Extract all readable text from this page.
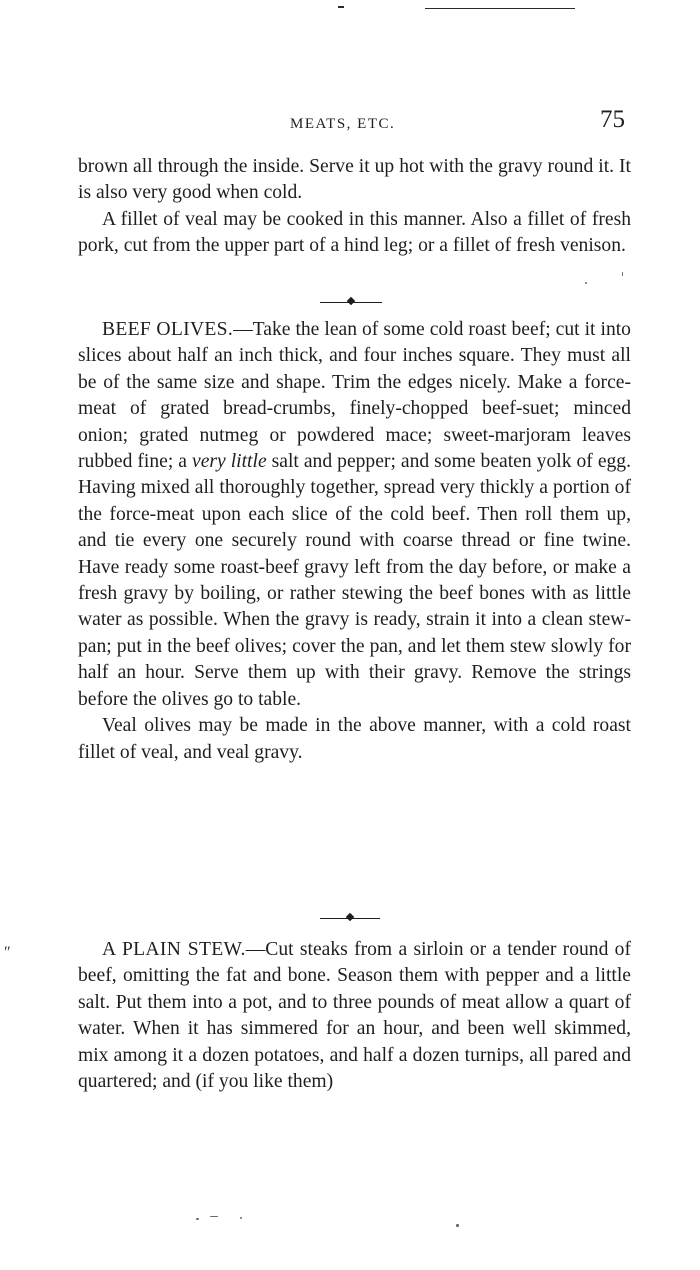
MEATS, ETC.	75

brown all through the inside. Serve it up hot with the gravy round it. It is also very good when cold.

A fillet of veal may be cooked in this manner. Also a fillet of fresh pork, cut from the upper part of a hind leg; or a fillet of fresh venison.

BEEF OLIVES.—Take the lean of some cold roast beef; cut it into slices about half an inch thick, and four inches square. They must all be of the same size and shape. Trim the edges nicely. Make a force-meat of grated bread-crumbs, finely-chopped beef-suet; minced onion; grated nutmeg or powdered mace; sweet-marjoram leaves rubbed fine; a very little salt and pepper; and some beaten yolk of egg. Having mixed all thoroughly together, spread very thickly a portion of the force-meat upon each slice of the cold beef. Then roll them up, and tie every one securely round with coarse thread or fine twine. Have ready some roast-beef gravy left from the day before, or make a fresh gravy by boiling, or rather stewing the beef bones with as little water as possible. When the gravy is ready, strain it into a clean stew-pan; put in the beef olives; cover the pan, and let them stew slowly for half an hour. Serve them up with their gravy. Remove the strings before the olives go to table.

Veal olives may be made in the above manner, with a cold roast fillet of veal, and veal gravy.

″	A PLAIN STEW.—Cut steaks from a sirloin or a tender round of beef, omitting the fat and bone. Season them with pepper and a little salt. Put them into a pot, and to three pounds of meat allow a quart of water. When it has simmered for an hour, and been well skimmed, mix among it a dozen potatoes, and half a dozen turnips, all pared and quartered; and (if you like them)
